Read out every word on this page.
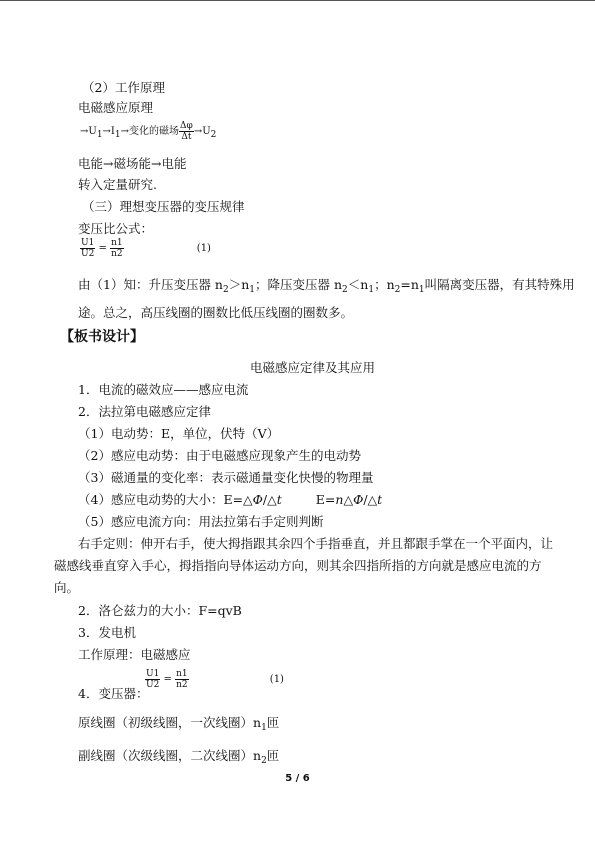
（2）工作原理
电磁感应原理
→U1→I1→变化的磁场 $\frac{\Delta\varphi}{\Delta t} \to U2$
电能→磁场能→电能
转入定量研究.
（三）理想变压器的变压规律
变压比公式：
$\frac{U1}{U2} = \frac{n1}{n2}$	(1)
由（1）知：升压变压器 $n_2>n_1$；降压变压器 $n_2<n_1$；$n_2=n_1$叫隔离变压器，有其特殊用
途。总之，高压线圈的圈数比低压线圈的圈数多。
【板书设计】
电磁感应定律及其应用
1．电流的磁效应——感应电流
2．法拉第电磁感应定律
（1）电动势：E，单位，伏特（V）
（2）感应电动势：由于电磁感应现象产生的电动势
（3）磁通量的变化率：表示磁通量变化快慢的物理量
（4）感应电动势的大小：E=△Φ/△t	E=n△Φ/△t
（5）感应电流方向：用法拉第右手定则判断
右手定则：伸开右手，使大拇指跟其余四个手指垂直，并且都跟手掌在一个平面内，让
磁感线垂直穿入手心，拇指指向导体运动方向，则其余四指所指的方向就是感应电流的方
向。
2．洛仑兹力的大小：F=qvB
3．发电机
工作原理：电磁感应
4．变压器：
$\frac{U1}{U2} = \frac{n1}{n2}$	(1)
原线圈（初级线圈，一次线圈）$n_1$匝
副线圈（次级线圈，二次线圈）$n_2$匝
5 / 6
